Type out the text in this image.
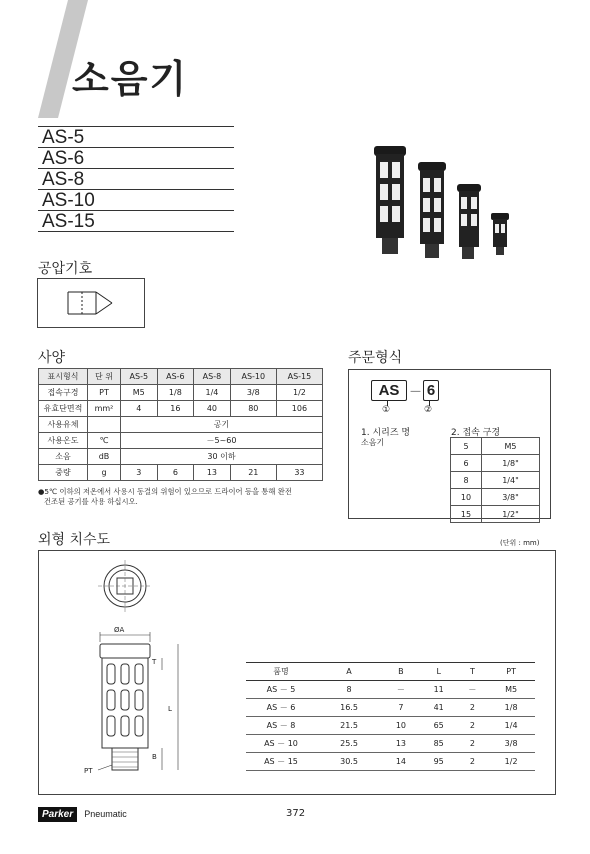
소음기
AS-5
AS-6
AS-8
AS-10
AS-15
공압기호
사양
표시형식	단 위	AS-5	AS-6	AS-8	AS-10	AS-15
접속구경	PT	M5	1/8	1/4	3/8	1/2
유효단면적	mm²	4	16	40	80	106
사용유체		공기				
사용온도	℃	－5~60				
소음	dB	30 이하				
중량	g	3	6	13	21	33
●5℃ 이하의 저온에서 사용시 동결의 위험이 있으므로 드라이어 등을 통해 완전
건조된 공기를 사용 하십시오.
주문형식
AS － 6
①	②
1. 시리즈 명
소음기
2. 접속 구경
5	M5
6	1/8"
8	1/4"
10	3/8"
15	1/2"
외형 치수도	(단위 : mm)
ØA
T
L
B
PT
품명	A	B	L	T	PT
AS － 5	8	－	11	－	M5
AS － 6	16.5	7	41	2	1/8
AS － 8	21.5	10	65	2	1/4
AS － 10	25.5	13	85	2	3/8
AS － 15	30.5	14	95	2	1/2
Parker Pneumatic	372
